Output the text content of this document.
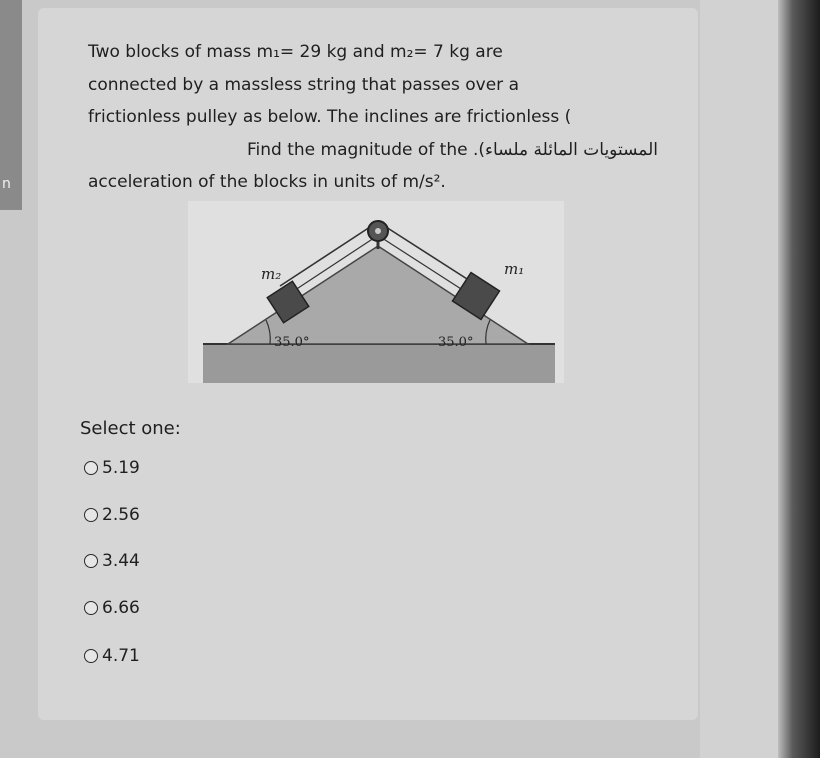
n

Two blocks of mass m₁= 29 kg and m₂= 7 kg are

connected by a massless string that passes over a

frictionless pulley as below. The inclines are frictionless (

المستويات المائلة ملساء). Find the magnitude of the

acceleration of the blocks in units of m/s².

m₂	m₁
35.0°	35.0°
Select one:
5.19
2.56
3.44
6.66
4.71
